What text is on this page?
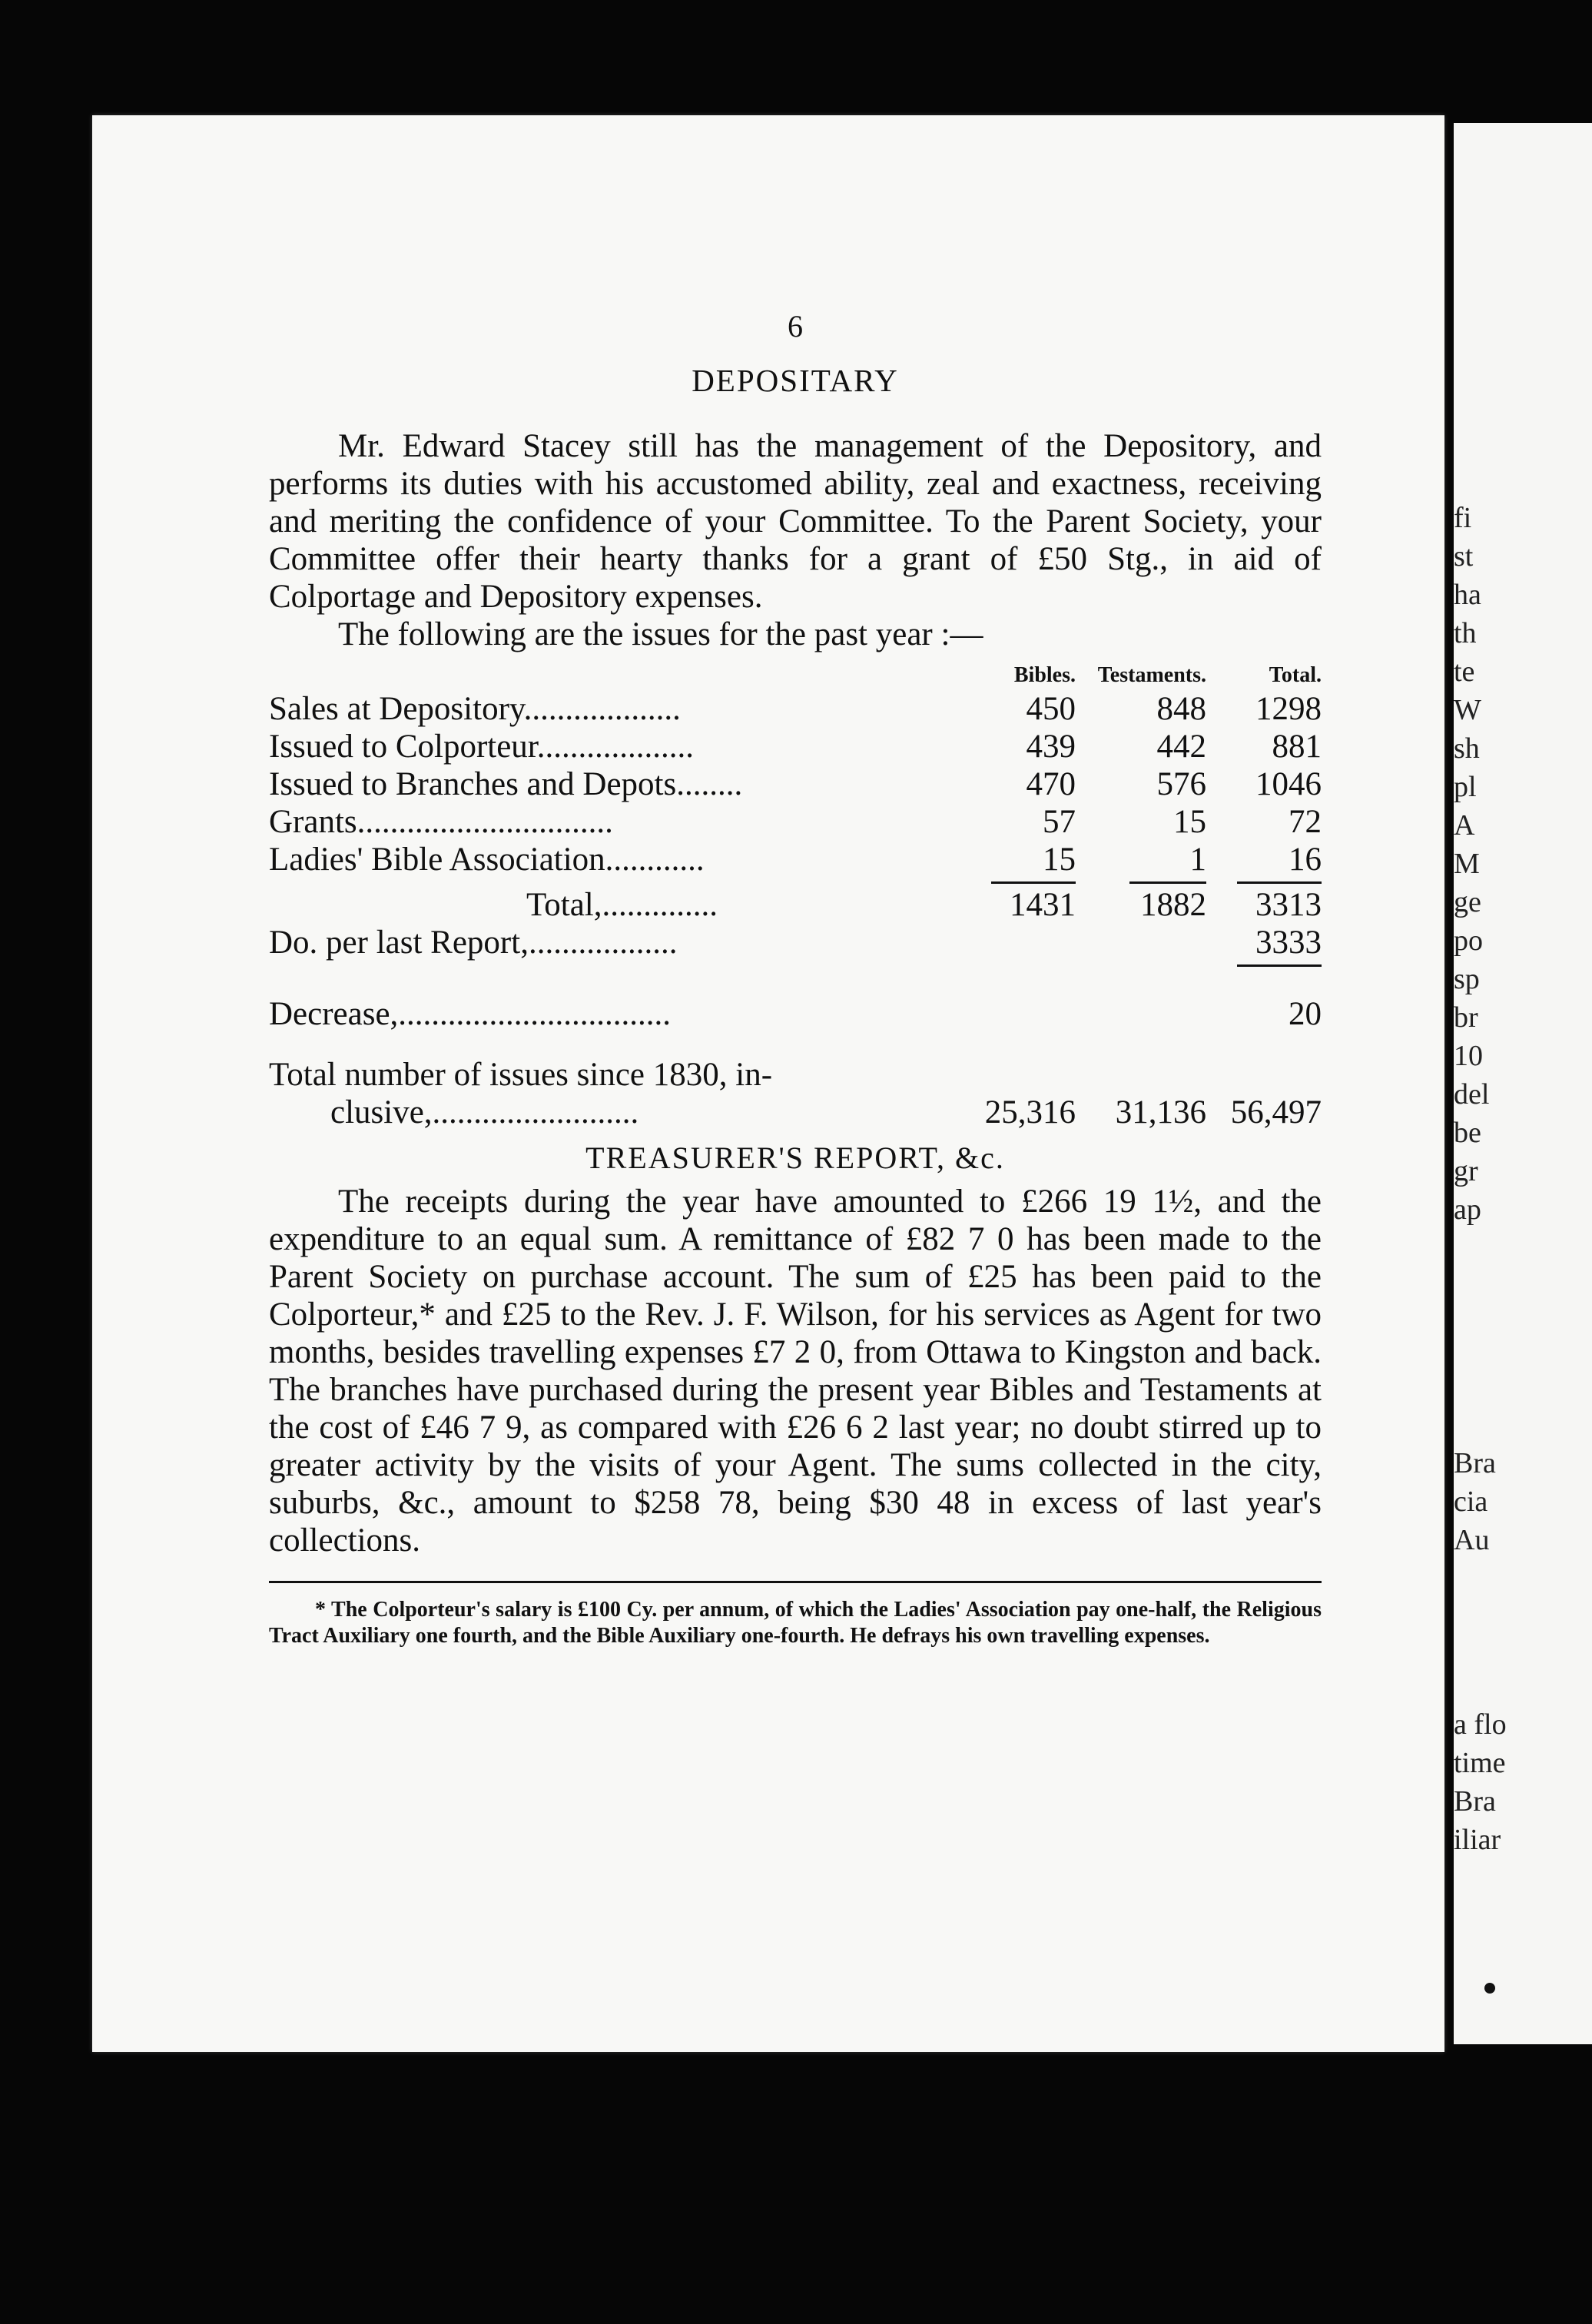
fi
st
ha
th
te
W
sh
pl
A
M
ge
po
sp
br
10
del
be
gr
ap
Bra
cia
Au
a flo
time
Bra
iliar
6
DEPOSITARY

Mr. Edward Stacey still has the management of the Depository, and performs its duties with his accustomed ability, zeal and exactness, receiving and meriting the confidence of your Committee. To the Parent Society, your Committee offer their hearty thanks for a grant of £50 Stg., in aid of Colportage and Depository expenses.

The following are the issues for the past year :—

	Bibles.	Testaments.	Total.
Sales at Depository...................	450	848	1298
Issued to Colporteur...................	439	442	881
Issued to Branches and Depots........	470	576	1046
Grants...............................	57	15	72
Ladies' Bible Association............	15	1	16

Total,..............	1431	1882	3313
Do. per last Report,..................			3333

Decrease,.................................			20
Total number of issues since 1830, in-			
clusive,.........................	25,316	31,136	56,497
TREASURER'S REPORT, &c.

The receipts during the year have amounted to £266 19 1½, and the expenditure to an equal sum. A remittance of £82 7 0 has been made to the Parent Society on purchase account. The sum of £25 has been paid to the Colporteur,* and £25 to the Rev. J. F. Wilson, for his services as Agent for two months, besides travelling expenses £7 2 0, from Ottawa to Kingston and back. The branches have purchased during the present year Bibles and Testaments at the cost of £46 7 9, as compared with £26 6 2 last year; no doubt stirred up to greater activity by the visits of your Agent. The sums collected in the city, suburbs, &c., amount to $258 78, being $30 48 in excess of last year's collections.

* The Colporteur's salary is £100 Cy. per annum, of which the Ladies' Association pay one-half, the Religious Tract Auxiliary one fourth, and the Bible Auxiliary one-fourth. He defrays his own travelling expenses.
